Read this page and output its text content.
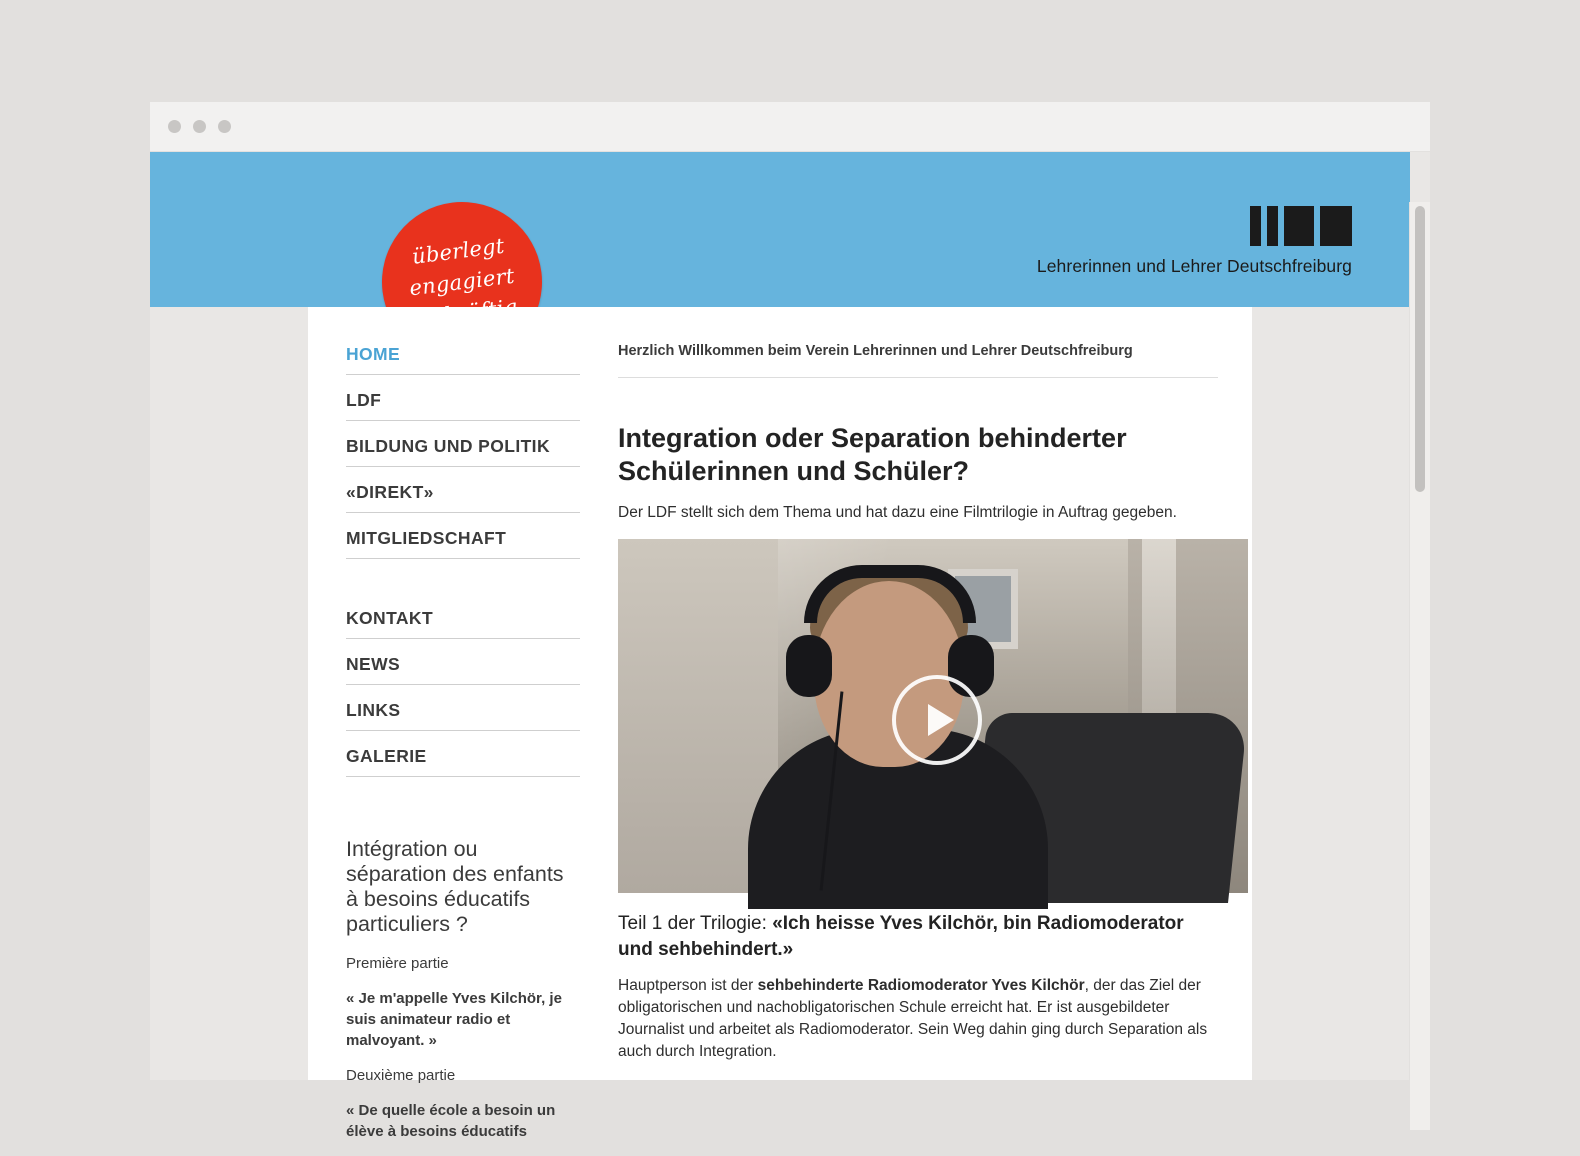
Lehrerinnen und Lehrer Deutschfreiburg
überlegt
engagiert
HOME
LDF
BILDUNG UND POLITIK
«DIREKT»
MITGLIEDSCHAFT
KONTAKT
NEWS
LINKS
GALERIE
Intégration ou séparation des enfants à besoins éducatifs particuliers ?

Première partie

« Je m'appelle Yves Kilchör, je suis animateur radio et malvoyant. »

Deuxième partie

« De quelle école a besoin un élève à besoins éducatifs

Herzlich Willkommen beim Verein Lehrerinnen und Lehrer Deutschfreiburg

Integration oder Separation behinderter Schülerinnen und Schüler?

Der LDF stellt sich dem Thema und hat dazu eine Filmtrilogie in Auftrag gegeben.

Teil 1 der Trilogie: «Ich heisse Yves Kilchör, bin Radiomoderator und sehbehindert.»

Hauptperson ist der sehbehinderte Radiomoderator Yves Kilchör, der das Ziel der obligatorischen und nachobligatorischen Schule erreicht hat. Er ist ausgebildeter Journalist und arbeitet als Radiomoderator. Sein Weg dahin ging durch Separation als auch durch Integration.
